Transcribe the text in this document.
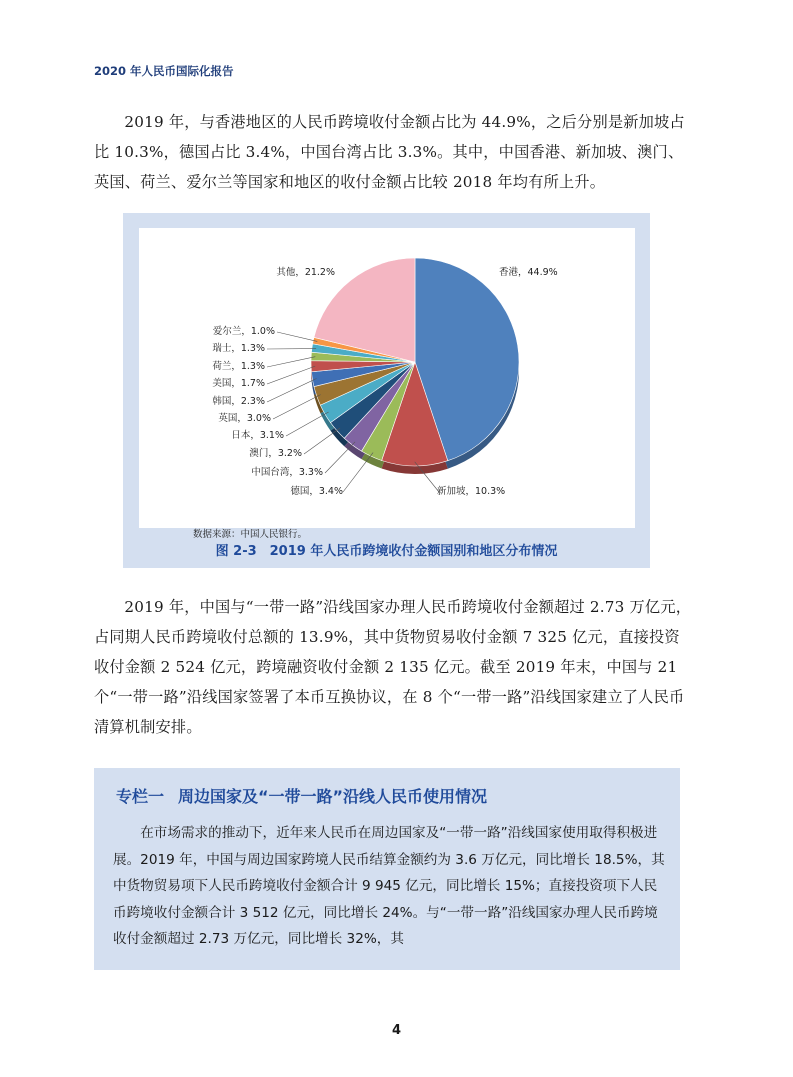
2020 年人民币国际化报告

2019 年，与香港地区的人民币跨境收付金额占比为 44.9%，之后分别是新加坡占比 10.3%，德国占比 3.4%，中国台湾占比 3.3%。其中，中国香港、新加坡、澳门、英国、荷兰、爱尔兰等国家和地区的收付金额占比较 2018 年均有所上升。

香港，44.9%
新加坡，10.3%
德国，3.4%
中国台湾，3.3%
澳门，3.2%
日本，3.1%
英国，3.0%
韩国，2.3%
美国，1.7%
荷兰，1.3%
瑞士，1.3%
爱尔兰，1.0%
其他，21.2%
数据来源：中国人民银行。
图 2-3　2019 年人民币跨境收付金额国别和地区分布情况

2019 年，中国与“一带一路”沿线国家办理人民币跨境收付金额超过 2.73 万亿元，占同期人民币跨境收付总额的 13.9%，其中货物贸易收付金额 7 325 亿元，直接投资收付金额 2 524 亿元，跨境融资收付金额 2 135 亿元。截至 2019 年末，中国与 21 个“一带一路”沿线国家签署了本币互换协议，在 8 个“一带一路”沿线国家建立了人民币清算机制安排。

专栏一 周边国家及“一带一路”沿线人民币使用情况

在市场需求的推动下，近年来人民币在周边国家及“一带一路”沿线国家使用取得积极进展。2019 年，中国与周边国家跨境人民币结算金额约为 3.6 万亿元，同比增长 18.5%，其中货物贸易项下人民币跨境收付金额合计 9 945 亿元，同比增长 15%；直接投资项下人民币跨境收付金额合计 3 512 亿元，同比增长 24%。与“一带一路”沿线国家办理人民币跨境收付金额超过 2.73 万亿元，同比增长 32%，其

4
